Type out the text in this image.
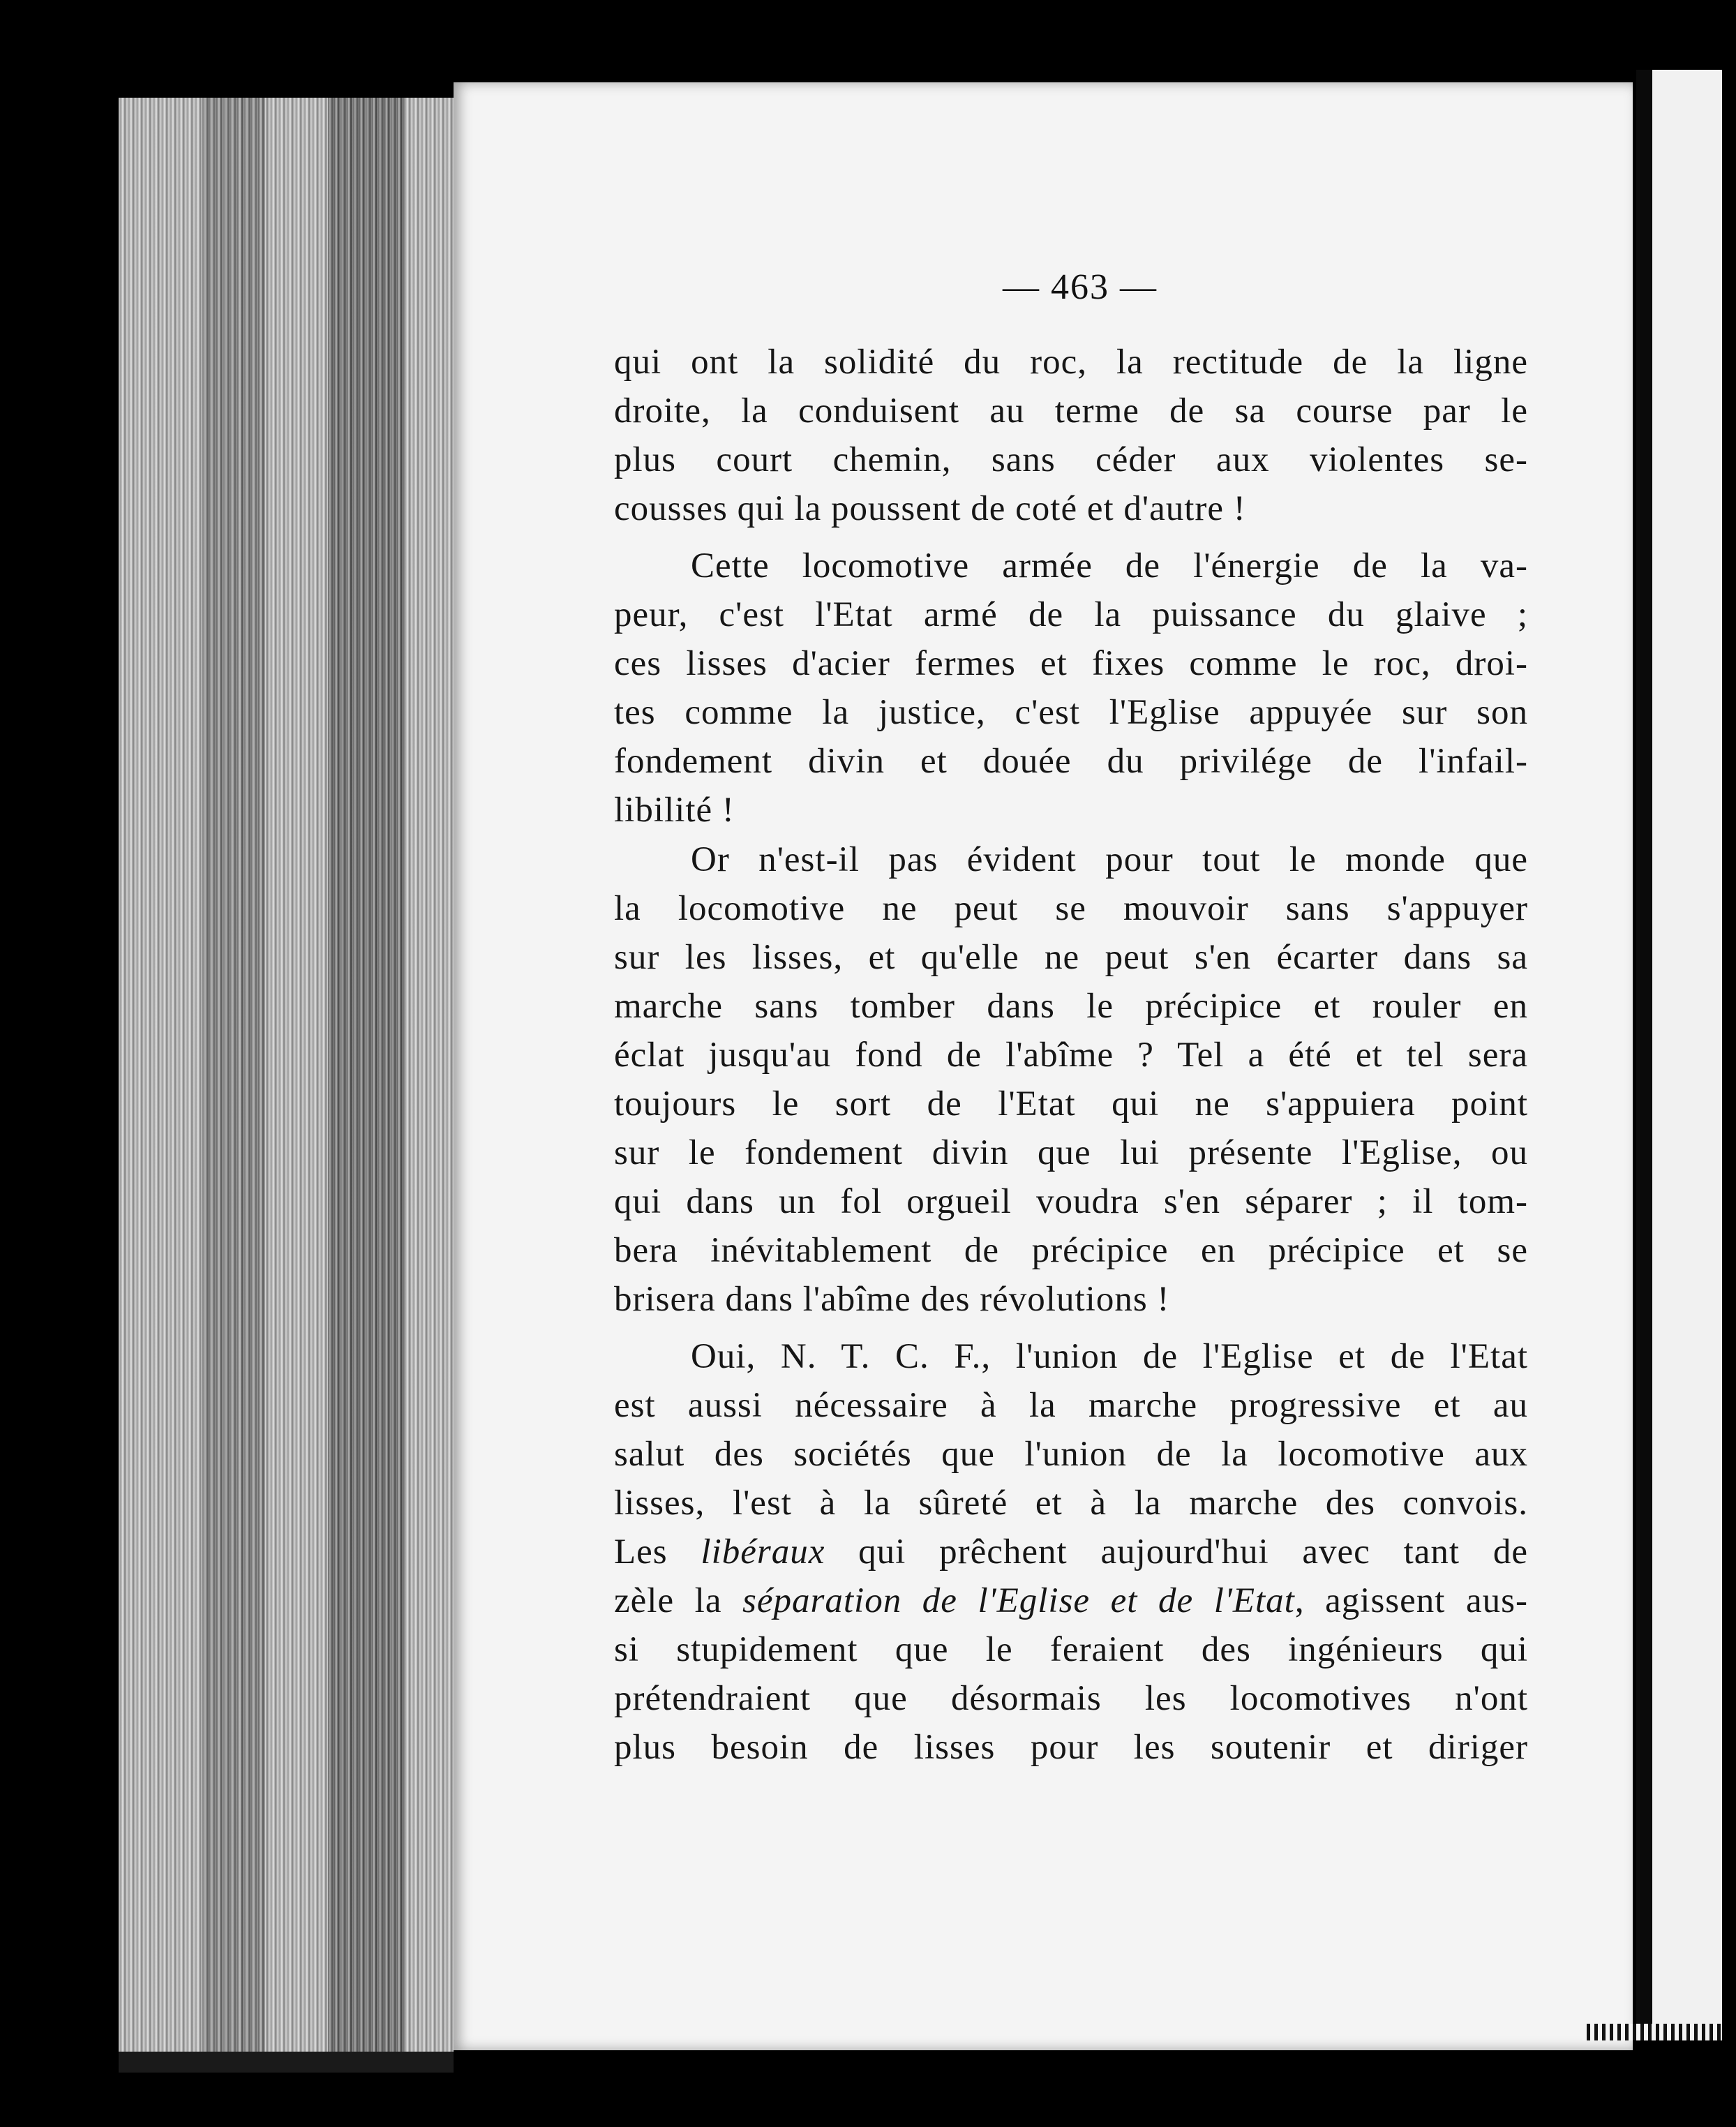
— 463 —
qui ont la solidité du roc, la rectitude de la ligne
droite, la conduisent au terme de sa course par le
plus court chemin, sans céder aux violentes se-
cousses qui la poussent de coté et d'autre !
Cette locomotive armée de l'énergie de la va-
peur, c'est l'Etat armé de la puissance du glaive ;
ces lisses d'acier fermes et fixes comme le roc, droi-
tes comme la justice, c'est l'Eglise appuyée sur son
fondement divin et douée du privilége de l'infail-
libilité !
Or n'est-il pas évident pour tout le monde que
la locomotive ne peut se mouvoir sans s'appuyer
sur les lisses, et qu'elle ne peut s'en écarter dans sa
marche sans tomber dans le précipice et rouler en
éclat jusqu'au fond de l'abîme ? Tel a été et tel sera
toujours le sort de l'Etat qui ne s'appuiera point
sur le fondement divin que lui présente l'Eglise, ou
qui dans un fol orgueil voudra s'en séparer ; il tom-
bera inévitablement de précipice en précipice et se
brisera dans l'abîme des révolutions !
Oui, N. T. C. F., l'union de l'Eglise et de l'Etat
est aussi nécessaire à la marche progressive et au
salut des sociétés que l'union de la locomotive aux
lisses, l'est à la sûreté et à la marche des convois.
Les libéraux qui prêchent aujourd'hui avec tant de
zèle la séparation de l'Eglise et de l'Etat, agissent aus-
si stupidement que le feraient des ingénieurs qui
prétendraient que désormais les locomotives n'ont
plus besoin de lisses pour les soutenir et diriger
